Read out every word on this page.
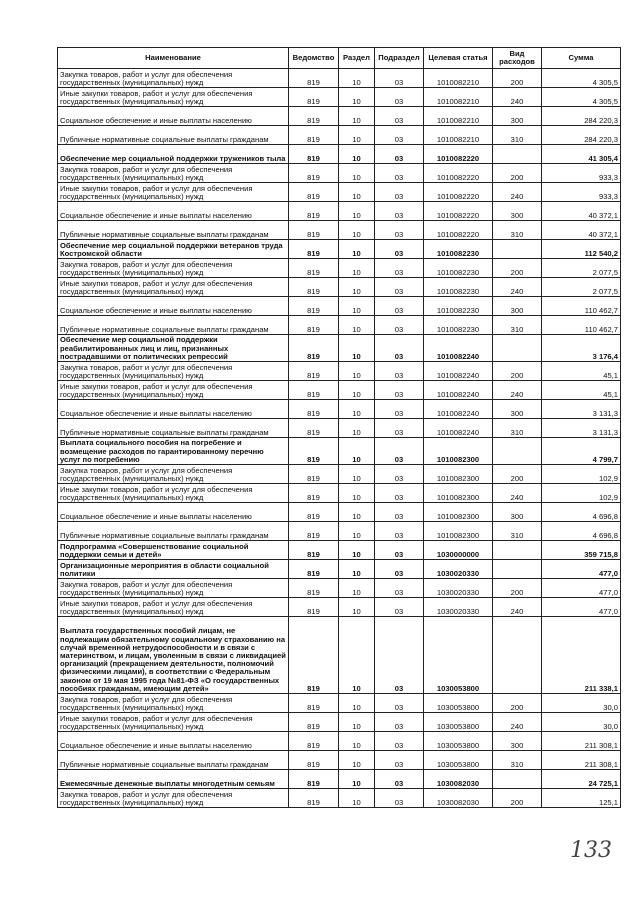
Наименование	Ведомство	Раздел	Подраздел	Целевая статья	Вид расходов	Сумма
Закупка товаров, работ и услуг для обеспечения государственных (муниципальных) нужд	819	10	03	1010082210	200	4 305,5
Иные закупки товаров, работ и услуг для обеспечения государственных (муниципальных) нужд	819	10	03	1010082210	240	4 305,5
Социальное обеспечение и иные выплаты населению	819	10	03	1010082210	300	284 220,3
Публичные нормативные социальные выплаты гражданам	819	10	03	1010082210	310	284 220,3
Обеспечение мер социальной поддержки тружеников тыла	819	10	03	1010082220		41 305,4
Закупка товаров, работ и услуг для обеспечения государственных (муниципальных) нужд	819	10	03	1010082220	200	933,3
Иные закупки товаров, работ и услуг для обеспечения государственных (муниципальных) нужд	819	10	03	1010082220	240	933,3
Социальное обеспечение и иные выплаты населению	819	10	03	1010082220	300	40 372,1
Публичные нормативные социальные выплаты гражданам	819	10	03	1010082220	310	40 372,1
Обеспечение мер социальной поддержки ветеранов труда Костромской области	819	10	03	1010082230		112 540,2
Закупка товаров, работ и услуг для обеспечения государственных (муниципальных) нужд	819	10	03	1010082230	200	2 077,5
Иные закупки товаров, работ и услуг для обеспечения государственных (муниципальных) нужд	819	10	03	1010082230	240	2 077,5
Социальное обеспечение и иные выплаты населению	819	10	03	1010082230	300	110 462,7
Публичные нормативные социальные выплаты гражданам	819	10	03	1010082230	310	110 462,7
Обеспечение мер социальной поддержки реабилитированных лиц и лиц, признанных пострадавшими от политических репрессий	819	10	03	1010082240		3 176,4
Закупка товаров, работ и услуг для обеспечения государственных (муниципальных) нужд	819	10	03	1010082240	200	45,1
Иные закупки товаров, работ и услуг для обеспечения государственных (муниципальных) нужд	819	10	03	1010082240	240	45,1
Социальное обеспечение и иные выплаты населению	819	10	03	1010082240	300	3 131,3
Публичные нормативные социальные выплаты гражданам	819	10	03	1010082240	310	3 131,3
Выплата социального пособия на погребение и возмещение расходов по гарантированному перечню услуг по погребению	819	10	03	1010082300		4 799,7
Закупка товаров, работ и услуг для обеспечения государственных (муниципальных) нужд	819	10	03	1010082300	200	102,9
Иные закупки товаров, работ и услуг для обеспечения государственных (муниципальных) нужд	819	10	03	1010082300	240	102,9
Социальное обеспечение и иные выплаты населению	819	10	03	1010082300	300	4 696,8
Публичные нормативные социальные выплаты гражданам	819	10	03	1010082300	310	4 696,8
Подпрограмма «Совершенствование социальной поддержки семьи и детей»	819	10	03	1030000000		359 715,8
Организационные мероприятия в области социальной политики	819	10	03	1030020330		477,0
Закупка товаров, работ и услуг для обеспечения государственных (муниципальных) нужд	819	10	03	1030020330	200	477,0
Иные закупки товаров, работ и услуг для обеспечения государственных (муниципальных) нужд	819	10	03	1030020330	240	477,0
Выплата государственных пособий лицам, не подлежащим обязательному социальному страхованию на случай временной нетрудоспособности и в связи с материнством, и лицам, уволенным в связи с ликвидацией организаций (прекращением деятельности, полномочий физическими лицами), в соответствии с Федеральным законом от 19 мая 1995 года №81-ФЗ «О государственных пособиях гражданам, имеющим детей»	819	10	03	1030053800		211 338,1
Закупка товаров, работ и услуг для обеспечения государственных (муниципальных) нужд	819	10	03	1030053800	200	30,0
Иные закупки товаров, работ и услуг для обеспечения государственных (муниципальных) нужд	819	10	03	1030053800	240	30,0
Социальное обеспечение и иные выплаты населению	819	10	03	1030053800	300	211 308,1
Публичные нормативные социальные выплаты гражданам	819	10	03	1030053800	310	211 308,1
Ежемесячные денежные выплаты многодетным семьям	819	10	03	1030082030		24 725,1
Закупка товаров, работ и услуг для обеспечения государственных (муниципальных) нужд	819	10	03	1030082030	200	125,1
133
